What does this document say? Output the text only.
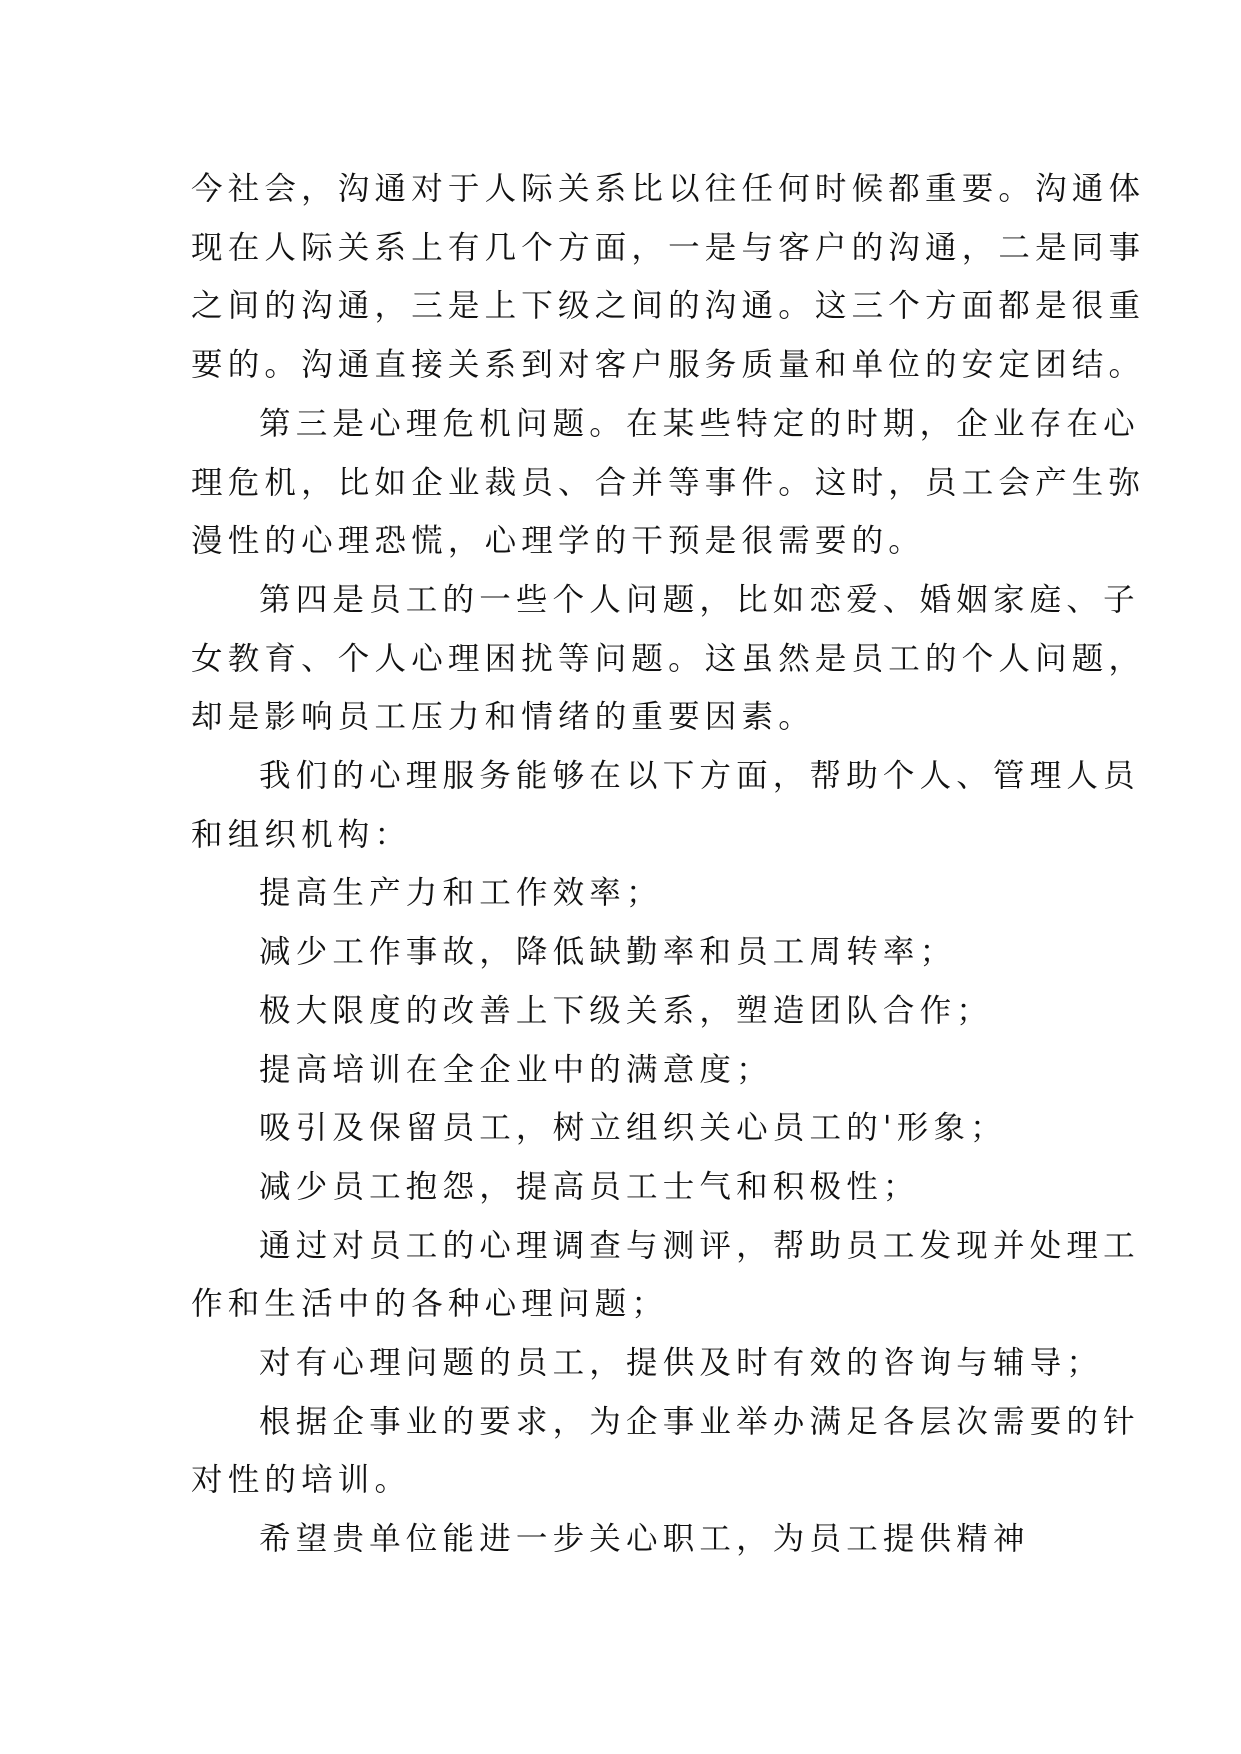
今社会，沟通对于人际关系比以往任何时候都重要。沟通体
现在人际关系上有几个方面，一是与客户的沟通，二是同事
之间的沟通，三是上下级之间的沟通。这三个方面都是很重
要的。沟通直接关系到对客户服务质量和单位的安定团结。

第三是心理危机问题。在某些特定的时期，企业存在心
理危机，比如企业裁员、合并等事件。这时，员工会产生弥
漫性的心理恐慌，心理学的干预是很需要的。

第四是员工的一些个人问题，比如恋爱、婚姻家庭、子
女教育、个人心理困扰等问题。这虽然是员工的个人问题，
却是影响员工压力和情绪的重要因素。

我们的心理服务能够在以下方面，帮助个人、管理人员
和组织机构：

提高生产力和工作效率；

减少工作事故，降低缺勤率和员工周转率；

极大限度的改善上下级关系，塑造团队合作；

提高培训在全企业中的满意度；

吸引及保留员工，树立组织关心员工的'形象；

减少员工抱怨，提高员工士气和积极性；

通过对员工的心理调查与测评，帮助员工发现并处理工
作和生活中的各种心理问题；

对有心理问题的员工，提供及时有效的咨询与辅导；

根据企事业的要求，为企事业举办满足各层次需要的针
对性的培训。

希望贵单位能进一步关心职工，为员工提供精神
